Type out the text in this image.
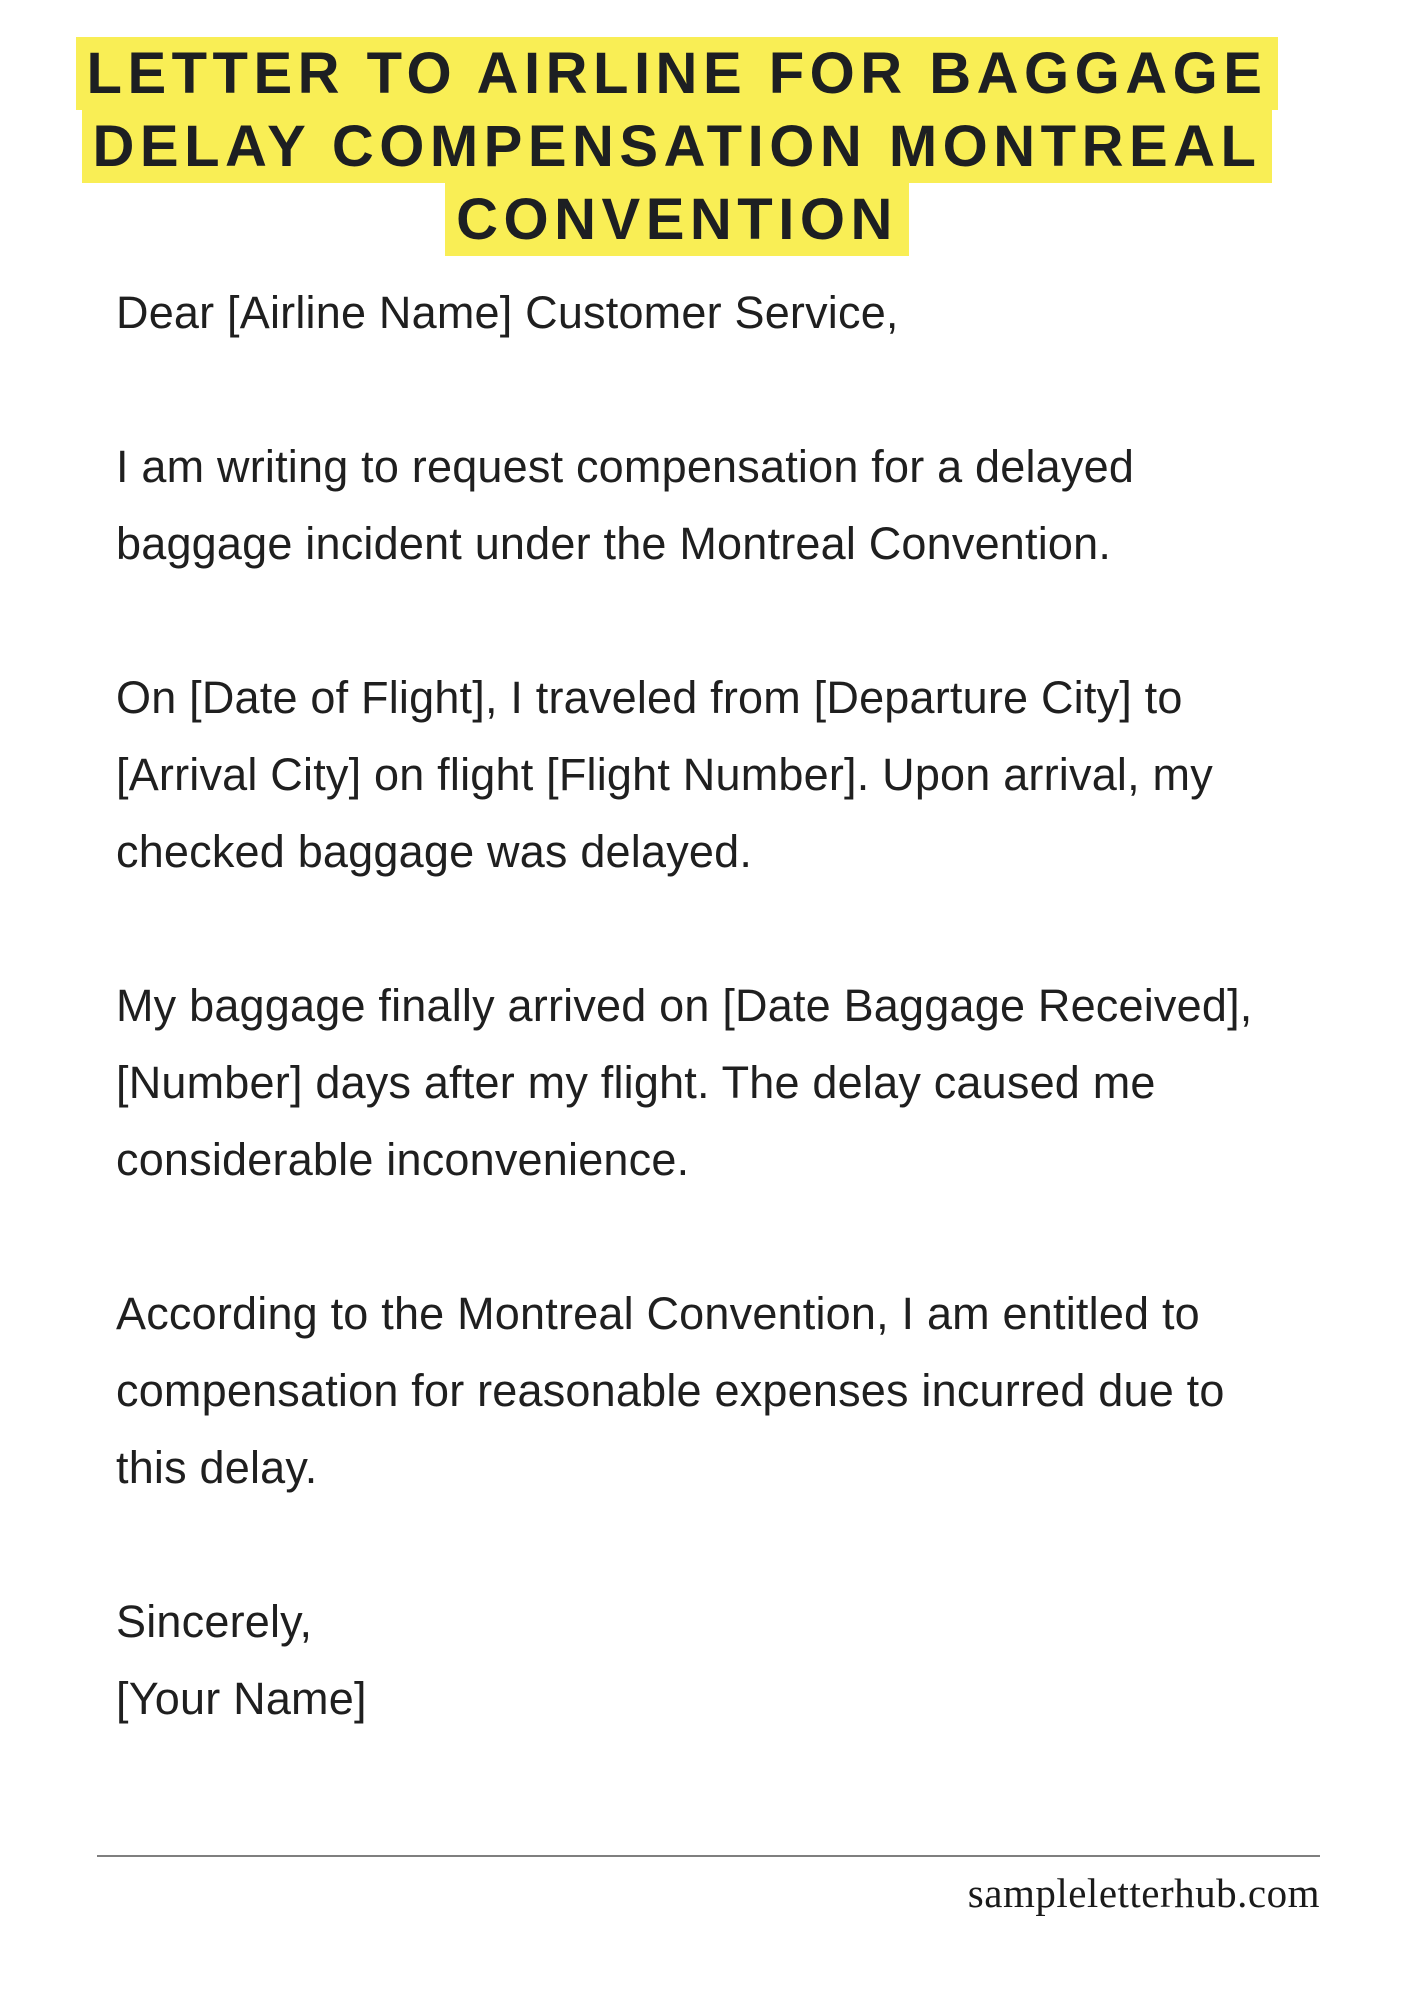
LETTER TO AIRLINE FOR BAGGAGE
DELAY COMPENSATION MONTREAL
CONVENTION

Dear [Airline Name] Customer Service,

I am writing to request compensation for a delayed

baggage incident under the Montreal Convention.

On [Date of Flight], I traveled from [Departure City] to

[Arrival City] on flight [Flight Number]. Upon arrival, my

checked baggage was delayed.

My baggage finally arrived on [Date Baggage Received],

[Number] days after my flight. The delay caused me

considerable inconvenience.

According to the Montreal Convention, I am entitled to

compensation for reasonable expenses incurred due to

this delay.

Sincerely,

[Your Name]

sampleletterhub.com
